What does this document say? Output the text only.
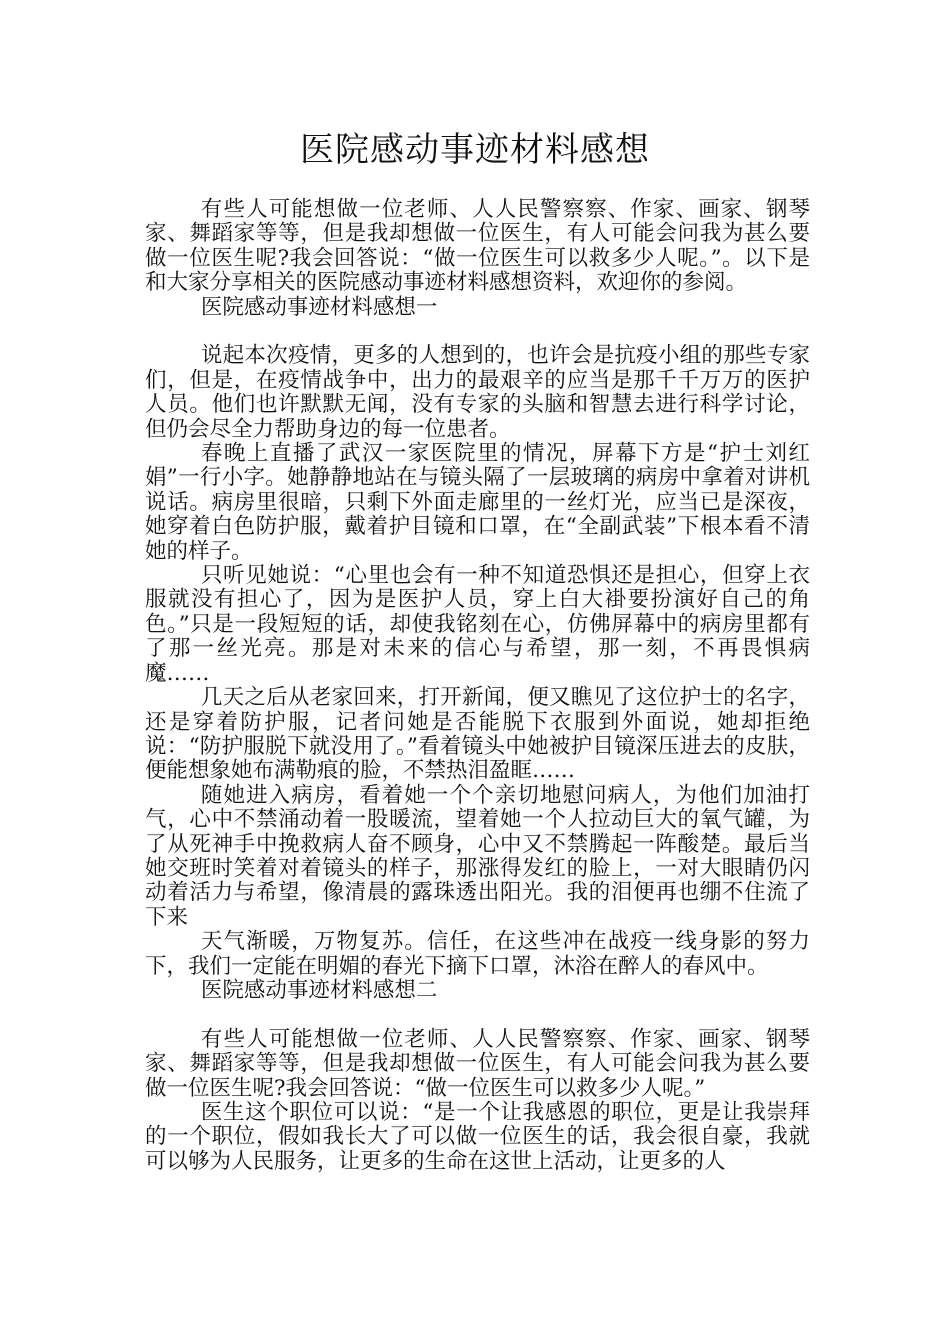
医院感动事迹材料感想

有些人可能想做一位老师、人人民警察察、作家、画家、钢琴家、舞蹈家等等，但是我却想做一位医生，有人可能会问我为甚么要做一位医生呢?我会回答说：“做一位医生可以救多少人呢。”。以下是和大家分享相关的医院感动事迹材料感想资料，欢迎你的参阅。

医院感动事迹材料感想一

说起本次疫情，更多的人想到的，也许会是抗疫小组的那些专家们，但是，在疫情战争中，出力的最艰辛的应当是那千千万万的医护人员。他们也许默默无闻，没有专家的头脑和智慧去进行科学讨论，但仍会尽全力帮助身边的每一位患者。

春晚上直播了武汉一家医院里的情况，屏幕下方是“护士刘红娟”一行小字。她静静地站在与镜头隔了一层玻璃的病房中拿着对讲机说话。病房里很暗，只剩下外面走廊里的一丝灯光，应当已是深夜，她穿着白色防护服，戴着护目镜和口罩，在“全副武装”下根本看不清她的样子。

只听见她说：“心里也会有一种不知道恐惧还是担心，但穿上衣服就没有担心了，因为是医护人员，穿上白大褂要扮演好自己的角色。”只是一段短短的话，却使我铭刻在心，仿佛屏幕中的病房里都有了那一丝光亮。那是对未来的信心与希望，那一刻，不再畏惧病魔……

几天之后从老家回来，打开新闻，便又瞧见了这位护士的名字，还是穿着防护服，记者问她是否能脱下衣服到外面说，她却拒绝说：“防护服脱下就没用了。”看着镜头中她被护目镜深压进去的皮肤，便能想象她布满勒痕的脸，不禁热泪盈眶……

随她进入病房，看着她一个个亲切地慰问病人，为他们加油打气，心中不禁涌动着一股暖流，望着她一个人拉动巨大的氧气罐，为了从死神手中挽救病人奋不顾身，心中又不禁腾起一阵酸楚。最后当她交班时笑着对着镜头的样子，那涨得发红的脸上，一对大眼睛仍闪动着活力与希望，像清晨的露珠透出阳光。我的泪便再也绷不住流了下来

天气渐暖，万物复苏。信任，在这些冲在战疫一线身影的努力下，我们一定能在明媚的春光下摘下口罩，沐浴在醉人的春风中。

医院感动事迹材料感想二

有些人可能想做一位老师、人人民警察察、作家、画家、钢琴家、舞蹈家等等，但是我却想做一位医生，有人可能会问我为甚么要做一位医生呢?我会回答说：“做一位医生可以救多少人呢。”

医生这个职位可以说：“是一个让我感恩的职位，更是让我崇拜的一个职位，假如我长大了可以做一位医生的话，我会很自豪，我就可以够为人民服务，让更多的生命在这世上活动，让更多的人
